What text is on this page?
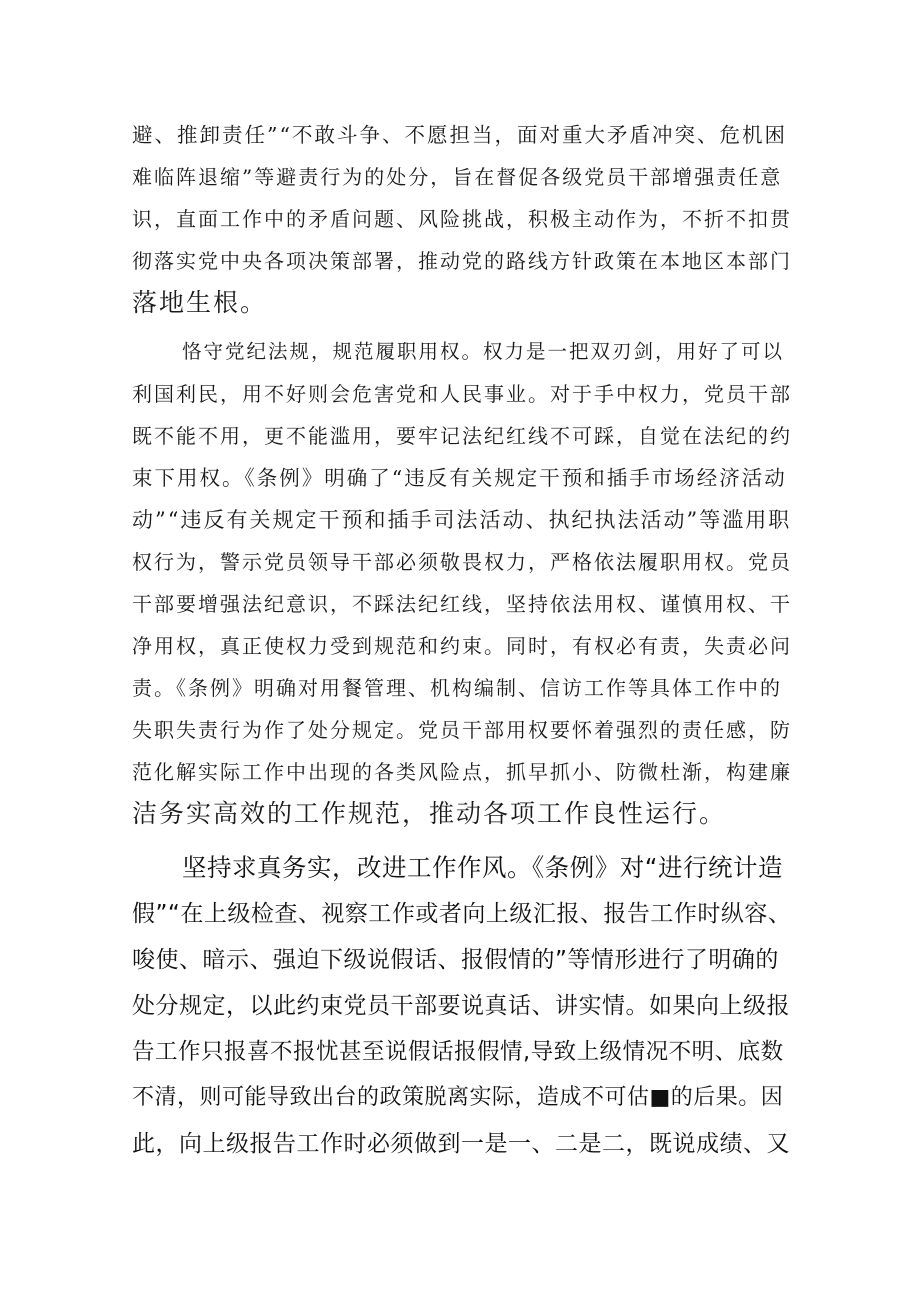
避、推卸责任”“不敢斗争、不愿担当，面对重大矛盾冲突、危机困
难临阵退缩”等避责行为的处分，旨在督促各级党员干部增强责任意
识，直面工作中的矛盾问题、风险挑战，积极主动作为，不折不扣贯
彻落实党中央各项决策部署，推动党的路线方针政策在本地区本部门
落地生根。
恪守党纪法规，规范履职用权。权力是一把双刃剑，用好了可以
利国利民，用不好则会危害党和人民事业。对于手中权力，党员干部
既不能不用，更不能滥用，要牢记法纪红线不可踩，自觉在法纪的约
束下用权。《条例》明确了“违反有关规定干预和插手市场经济活动
动”“违反有关规定干预和插手司法活动、执纪执法活动”等滥用职
权行为，警示党员领导干部必须敬畏权力，严格依法履职用权。党员
干部要增强法纪意识，不踩法纪红线，坚持依法用权、谨慎用权、干
净用权，真正使权力受到规范和约束。同时，有权必有责，失责必问
责。《条例》明确对用餐管理、机构编制、信访工作等具体工作中的
失职失责行为作了处分规定。党员干部用权要怀着强烈的责任感，防
范化解实际工作中出现的各类风险点，抓早抓小、防微杜渐，构建廉
洁务实高效的工作规范，推动各项工作良性运行。
坚持求真务实，改进工作作风。《条例》对“进行统计造
假”“在上级检查、视察工作或者向上级汇报、报告工作时纵容、
唆使、暗示、强迫下级说假话、报假情的”等情形进行了明确的
处分规定，以此约束党员干部要说真话、讲实情。如果向上级报
告工作只报喜不报忧甚至说假话报假情,导致上级情况不明、底数
不清，则可能导致出台的政策脱离实际，造成不可估■的后果。因
此，向上级报告工作时必须做到一是一、二是二，既说成绩、又
